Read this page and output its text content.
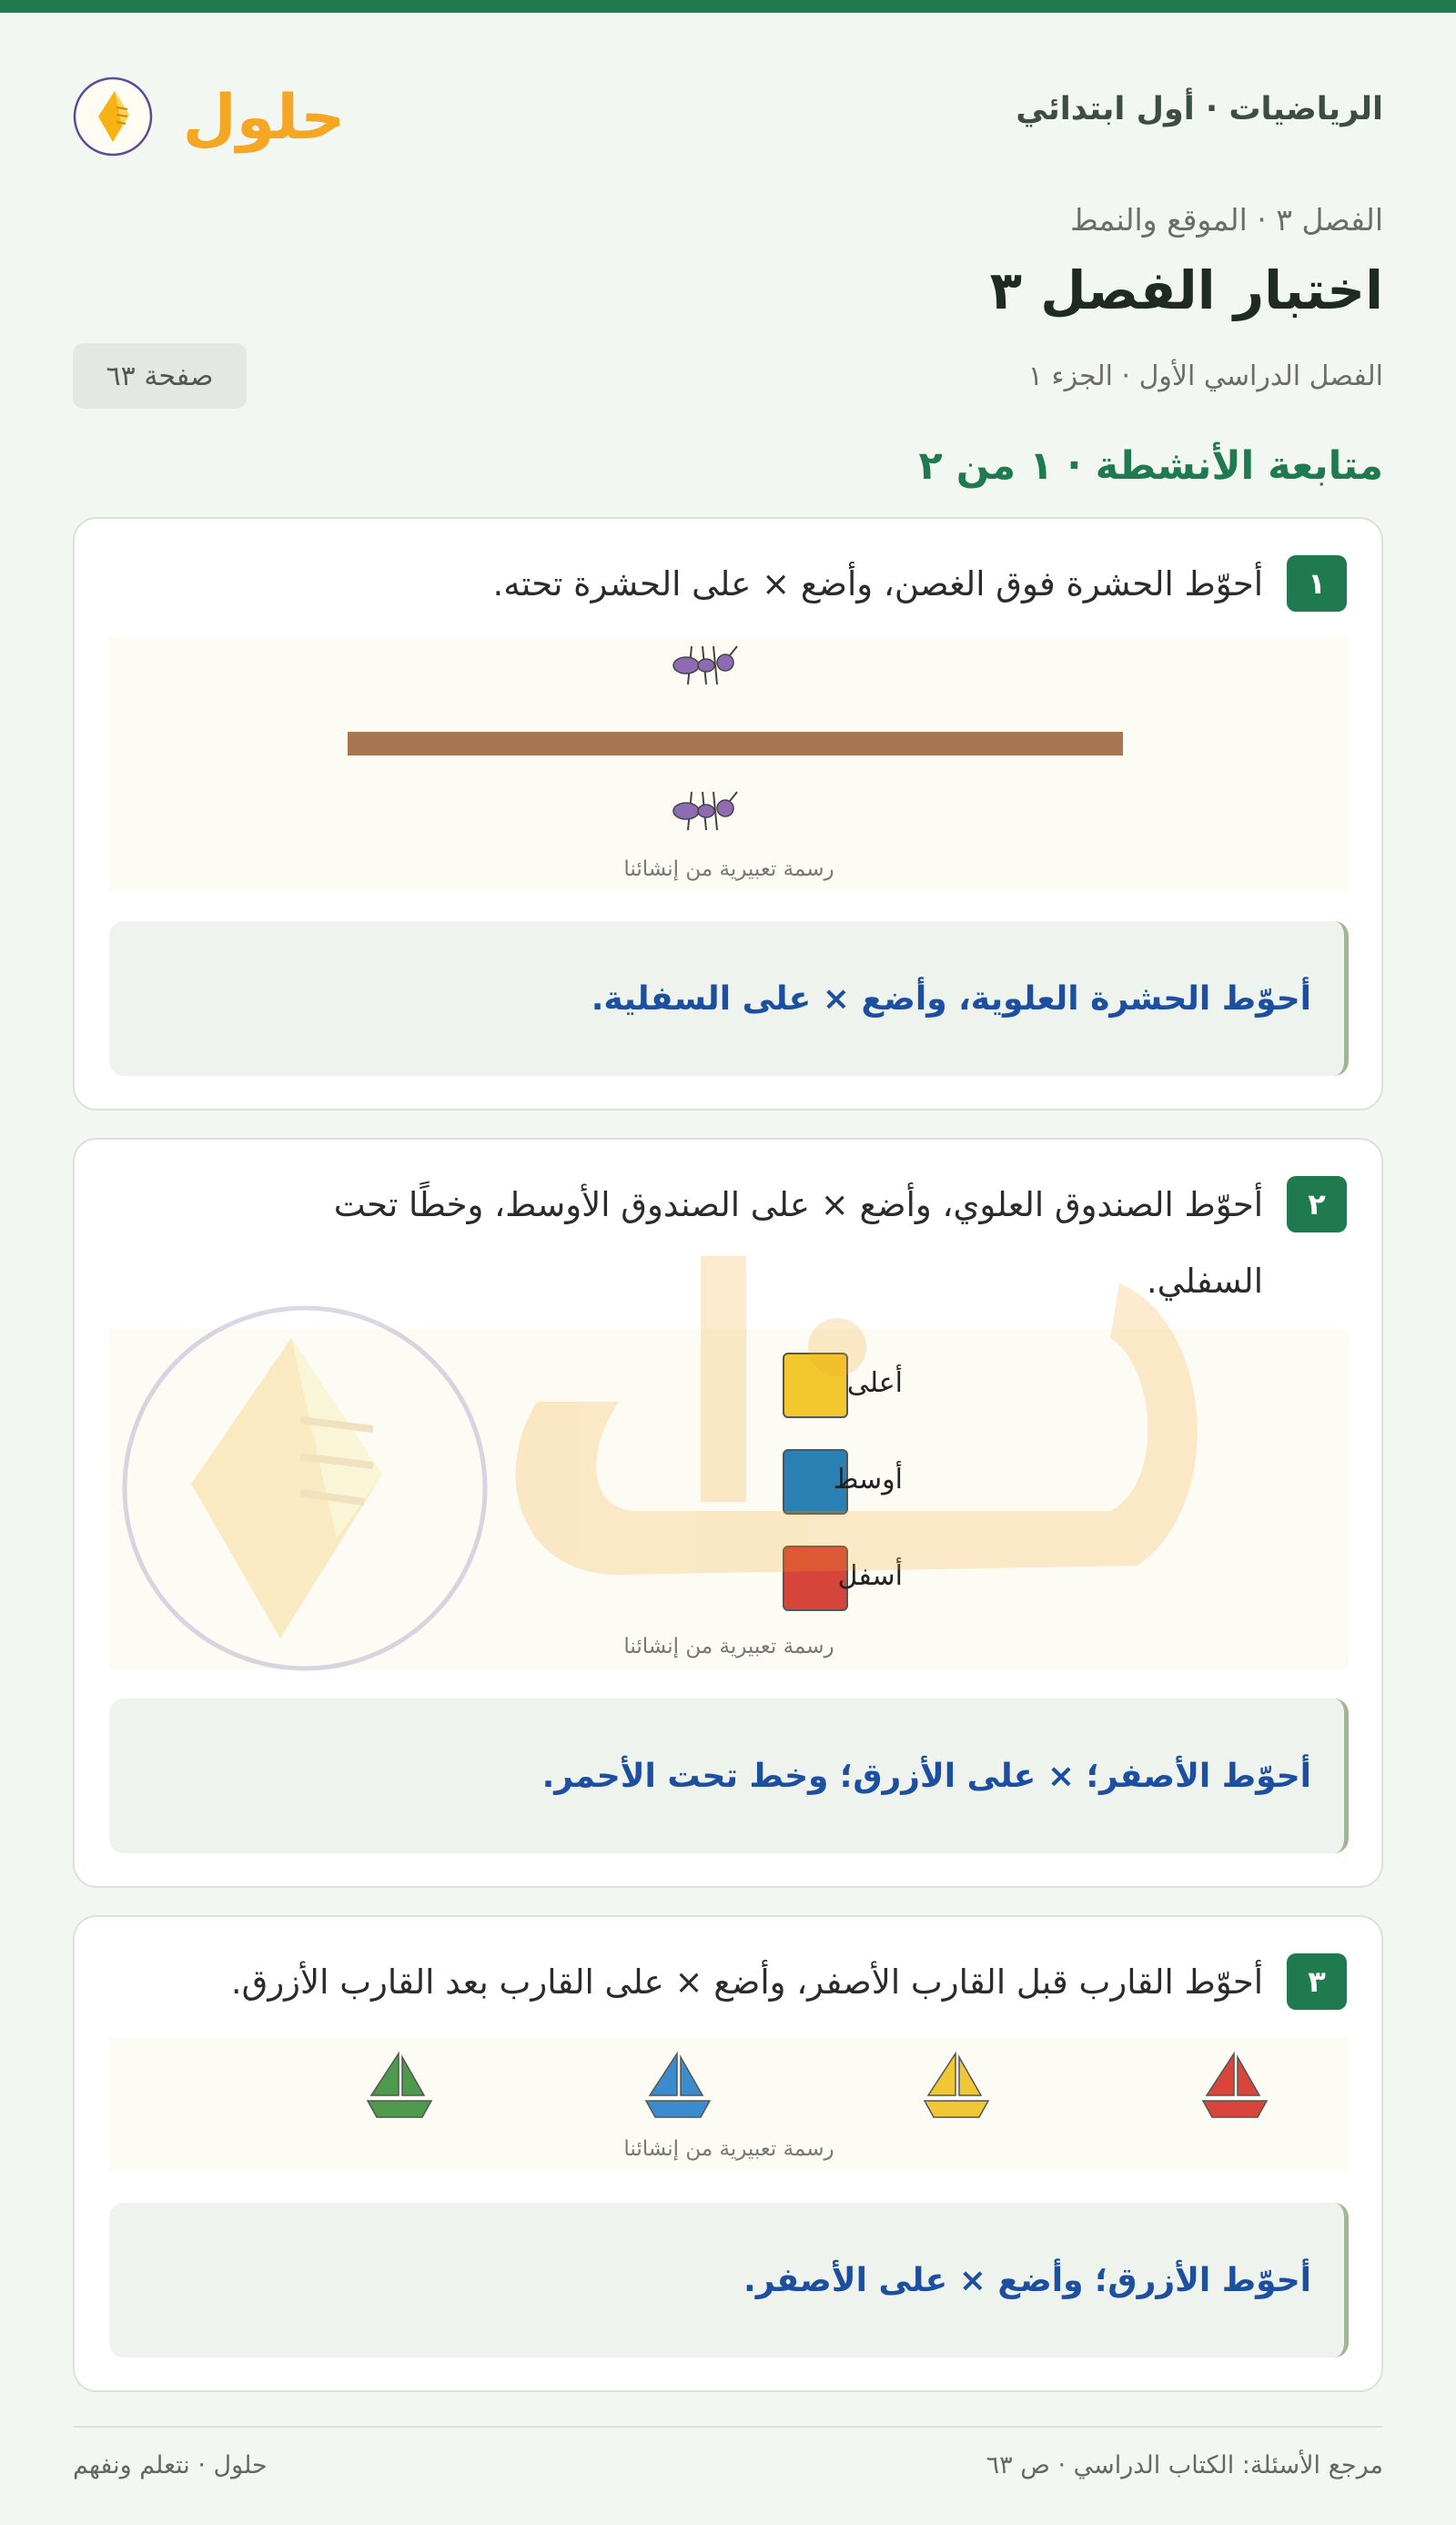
الرياضيات · أول ابتدائي
حلول
الفصل ٣ · الموقع والنمط
اختبار الفصل ٣
الفصل الدراسي الأول · الجزء ١
صفحة ٦٣
متابعة الأنشطة · ١ من ٢
١
أحوّط الحشرة فوق الغصن، وأضع × على الحشرة تحته.
رسمة تعبيرية من إنشائنا
أحوّط الحشرة العلوية، وأضع × على السفلية.
٢
أحوّط الصندوق العلوي، وأضع × على الصندوق الأوسط، وخطًا تحت
السفلي.
أعلى
أوسط
أسفل
رسمة تعبيرية من إنشائنا
أحوّط الأصفر؛ × على الأزرق؛ وخط تحت الأحمر.
٣
أحوّط القارب قبل القارب الأصفر، وأضع × على القارب بعد القارب الأزرق.
رسمة تعبيرية من إنشائنا
أحوّط الأزرق؛ وأضع × على الأصفر.
مرجع الأسئلة: الكتاب الدراسي · ص ٦٣
حلول · نتعلم ونفهم
